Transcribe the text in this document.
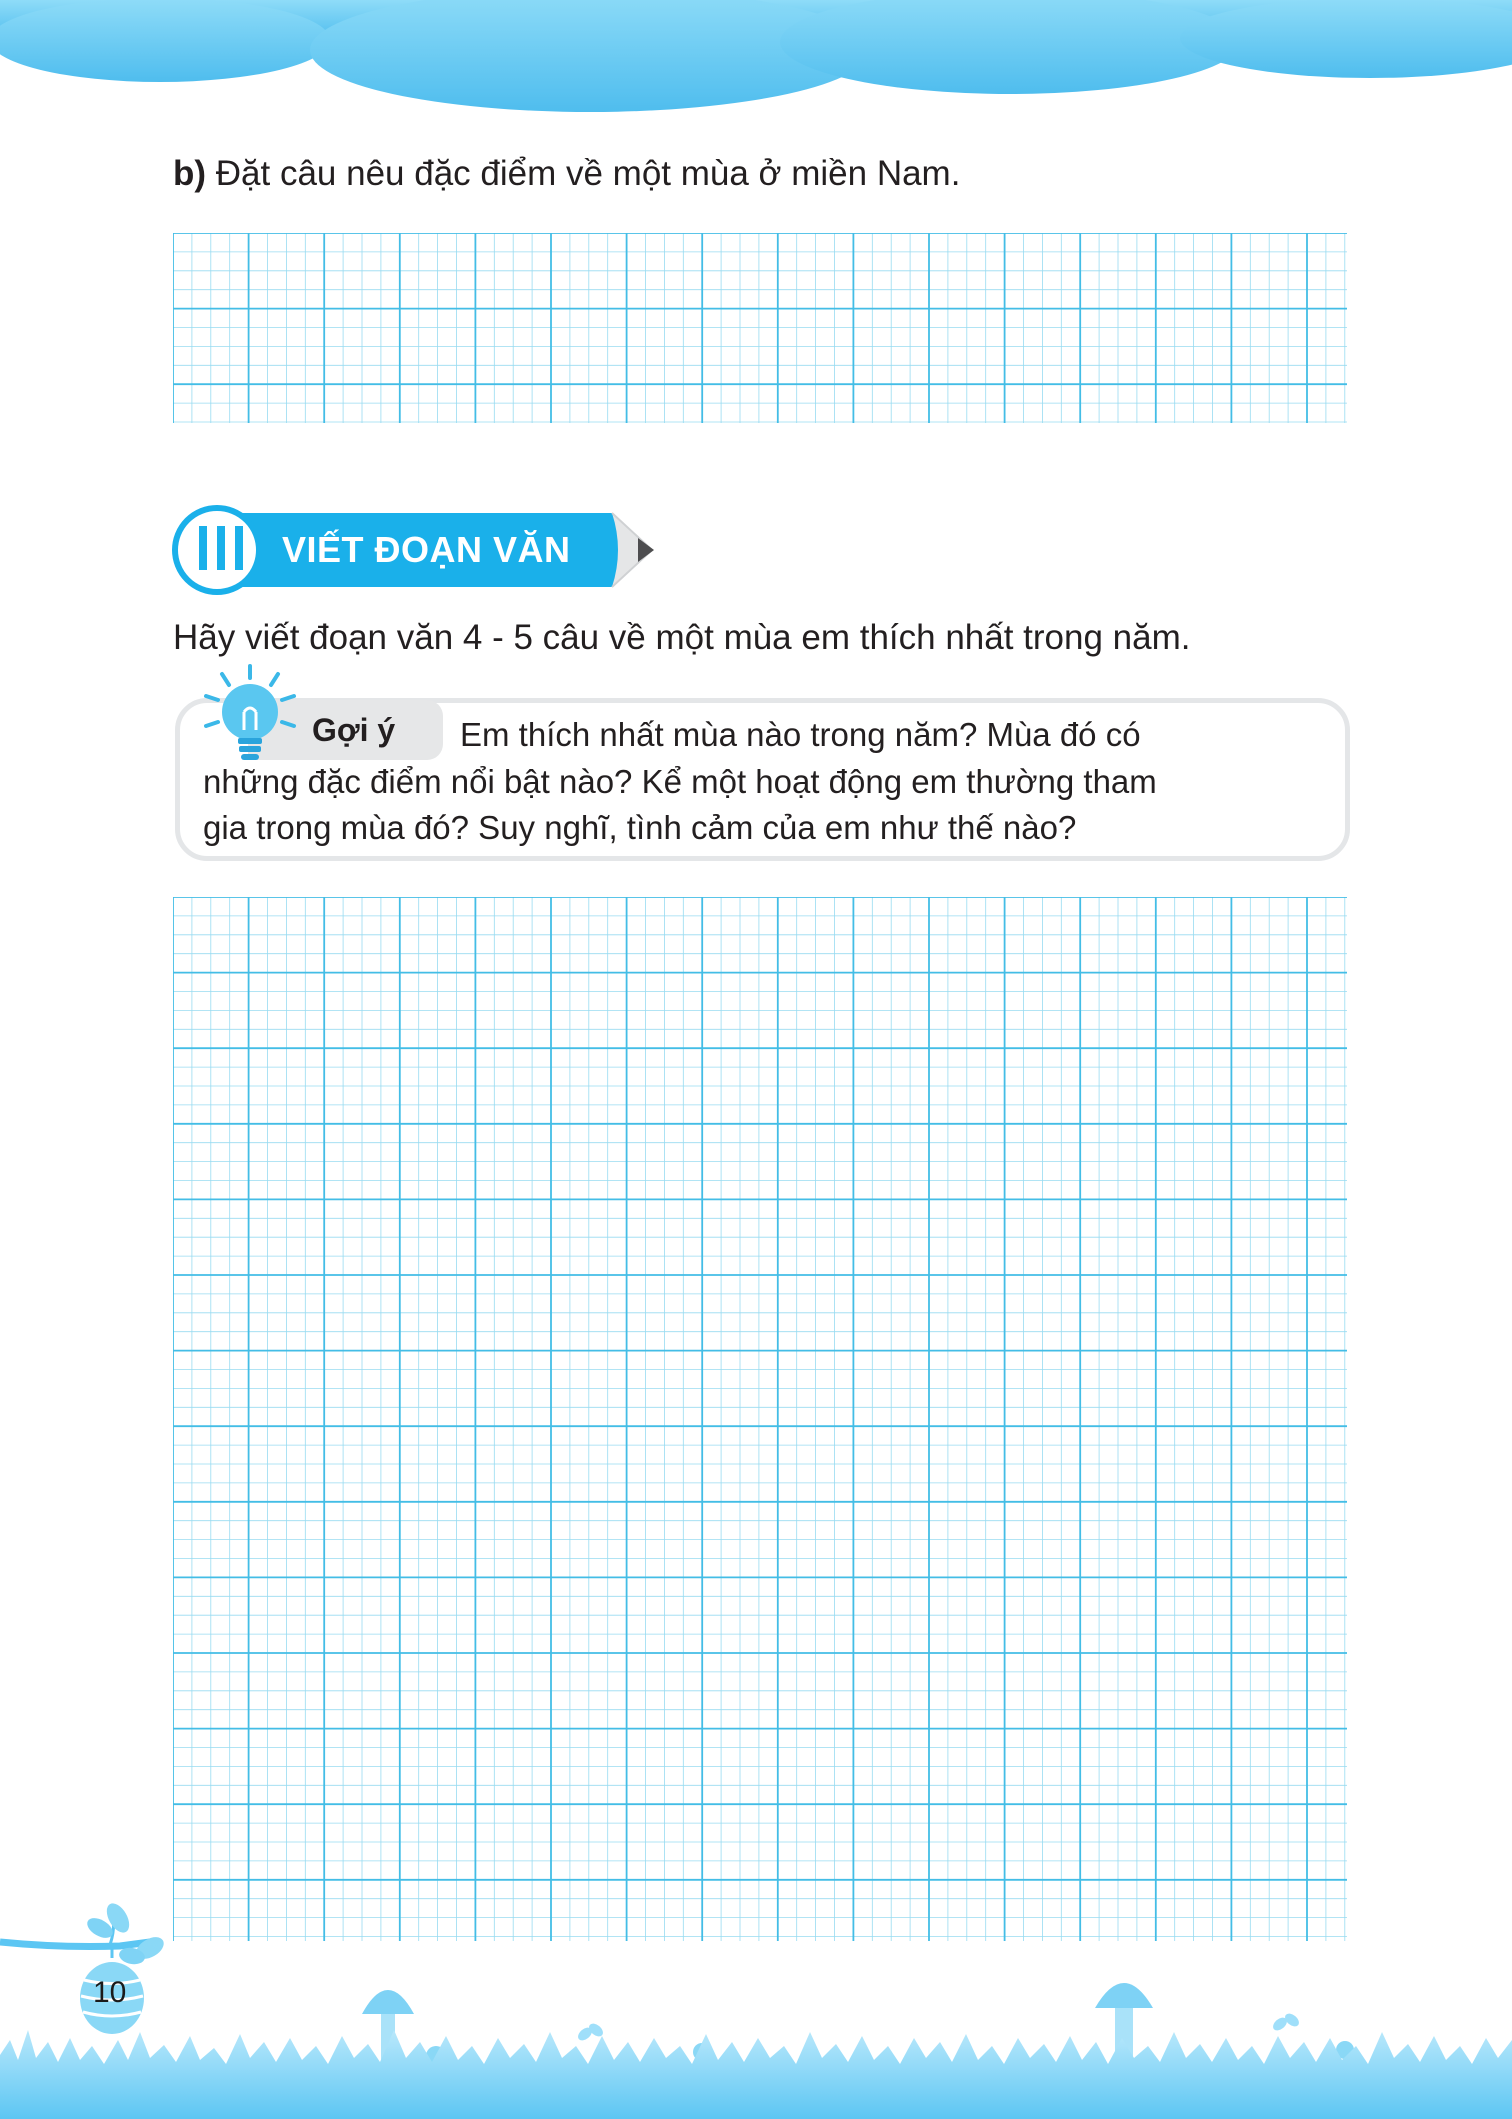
b) Đặt câu nêu đặc điểm về một mùa ở miền Nam.
VIẾT ĐOẠN VĂN
Hãy viết đoạn văn 4 - 5 câu về một mùa em thích nhất trong năm.
Gợi ý Em thích nhất mùa nào trong năm? Mùa đó có
những đặc điểm nổi bật nào? Kể một hoạt động em thường tham
gia trong mùa đó? Suy nghĩ, tình cảm của em như thế nào?
10
